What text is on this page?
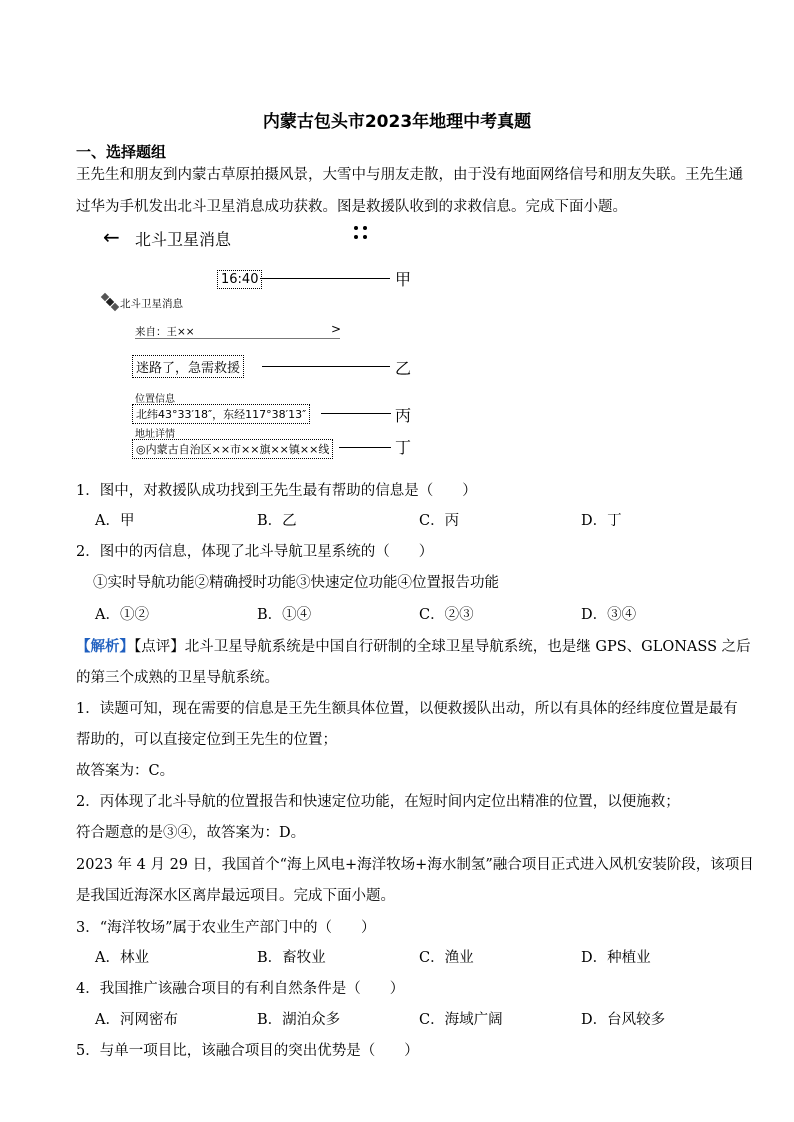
内蒙古包头市2023年地理中考真题
一、选择题组
王先生和朋友到内蒙古草原拍摄风景，大雪中与朋友走散，由于没有地面网络信号和朋友失联。王先生通
过华为手机发出北斗卫星消息成功获救。图是救援队收到的求救信息。完成下面小题。
← 北斗卫星消息
16:40	甲
北斗卫星消息
来自：王××	>
迷路了，急需救援	乙
位置信息
北纬43°33′18″，东经117°38′13″	丙
地址详情
◎内蒙古自治区××市××旗××镇××线	丁
1．图中，对救援队成功找到王先生最有帮助的信息是（　　）
A．甲	B．乙	C．丙	D．丁
2．图中的丙信息，体现了北斗导航卫星系统的（　　）
①实时导航功能②精确授时功能③快速定位功能④位置报告功能
A．①②	B．①④	C．②③	D．③④
【解析】【点评】北斗卫星导航系统是中国自行研制的全球卫星导航系统，也是继 GPS、GLONASS 之后
的第三个成熟的卫星导航系统。
1．读题可知，现在需要的信息是王先生额具体位置，以便救援队出动，所以有具体的经纬度位置是最有
帮助的，可以直接定位到王先生的位置；
故答案为：C。
2．丙体现了北斗导航的位置报告和快速定位功能，在短时间内定位出精准的位置，以便施救；
符合题意的是③④，故答案为：D。
2023 年 4 月 29 日，我国首个“海上风电+海洋牧场+海水制氢”融合项目正式进入风机安装阶段，该项目
是我国近海深水区离岸最远项目。完成下面小题。
3．“海洋牧场”属于农业生产部门中的（　　）
A．林业	B．畜牧业	C．渔业	D．种植业
4．我国推广该融合项目的有利自然条件是（　　）
A．河网密布	B．湖泊众多	C．海域广阔	D．台风较多
5．与单一项目比，该融合项目的突出优势是（　　）
